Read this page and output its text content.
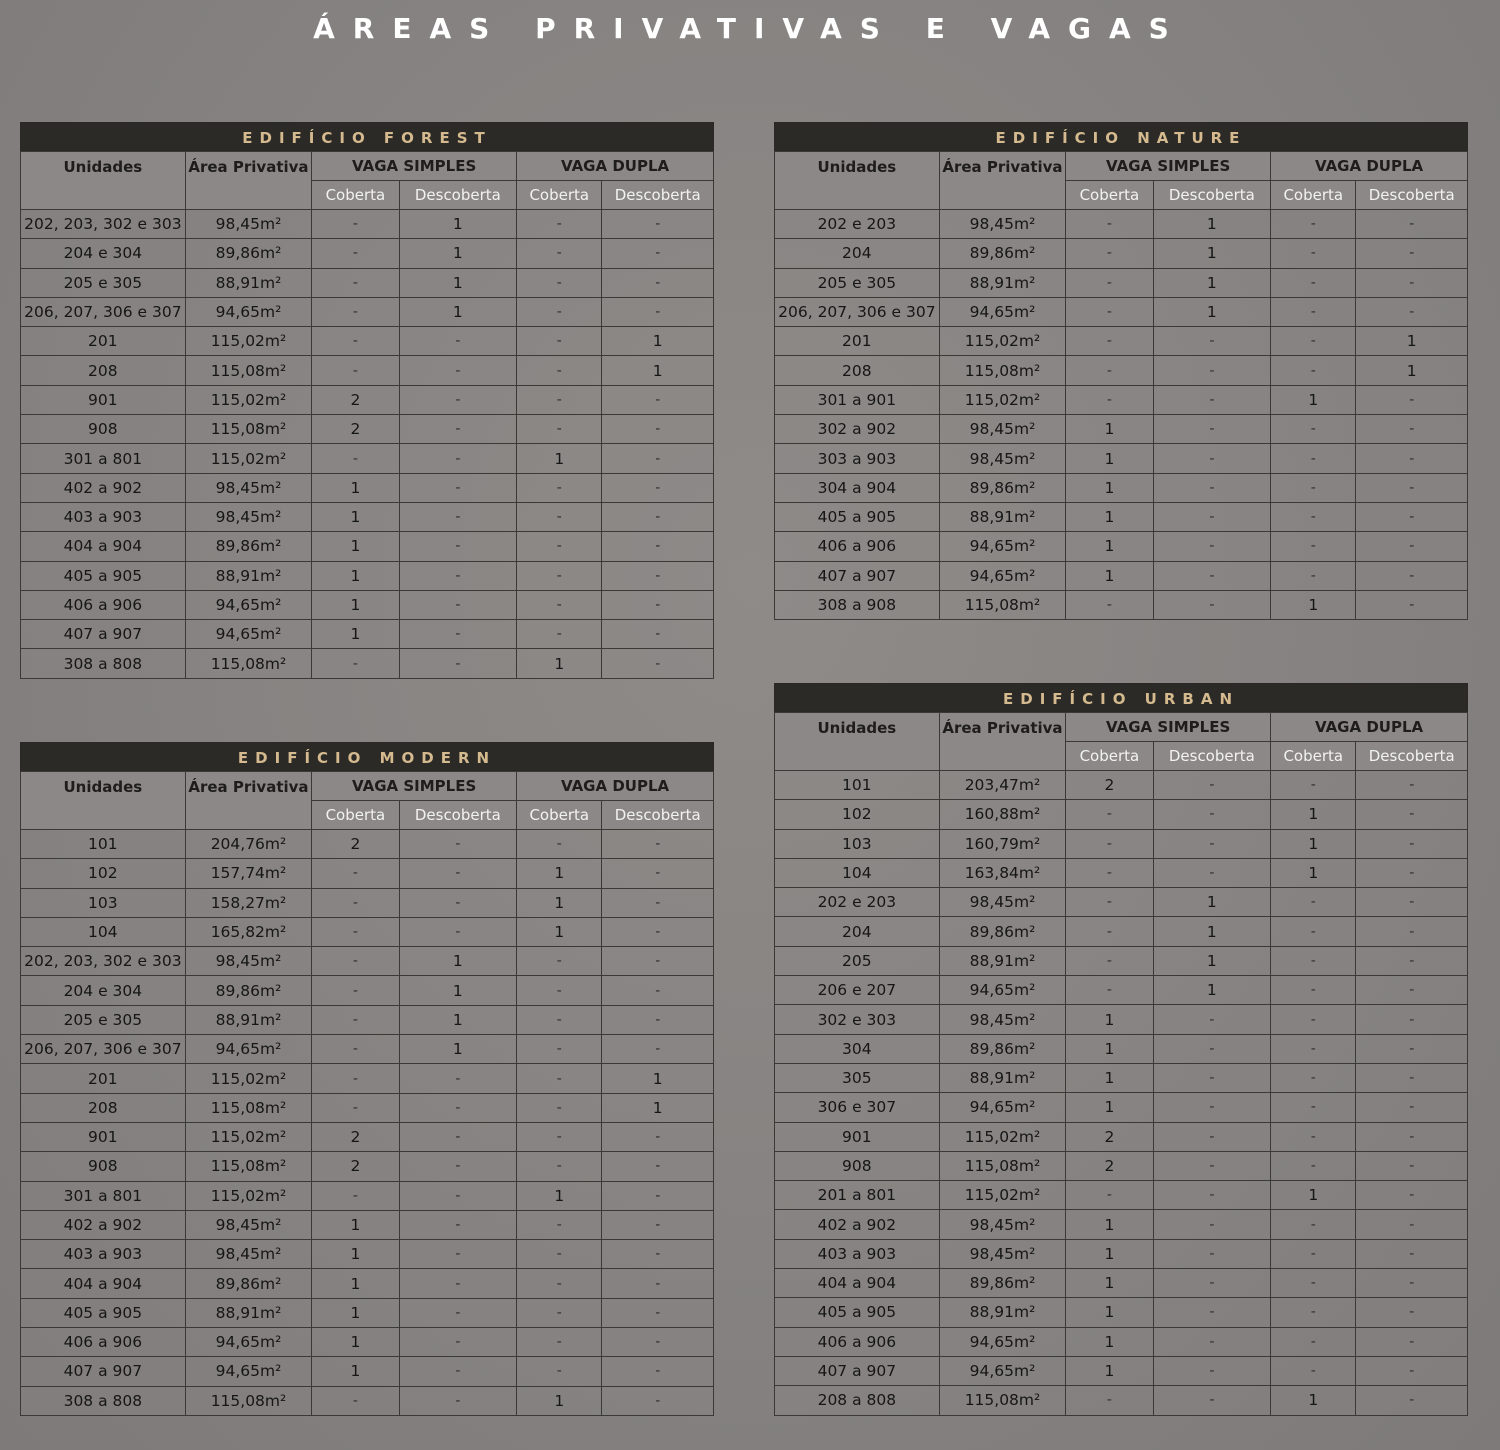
ÁREAS PRIVATIVAS E VAGAS
EDIFÍCIO FOREST
Unidades	Área Privativa	VAGA SIMPLES		VAGA DUPLA	
		Coberta	Descoberta	Coberta	Descoberta
202, 203, 302 e 303	98,45m²	-	1	-	-
204 e 304	89,86m²	-	1	-	-
205 e 305	88,91m²	-	1	-	-
206, 207, 306 e 307	94,65m²	-	1	-	-
201	115,02m²	-	-	-	1
208	115,08m²	-	-	-	1
901	115,02m²	2	-	-	-
908	115,08m²	2	-	-	-
301 a 801	115,02m²	-	-	1	-
402 a 902	98,45m²	1	-	-	-
403 a 903	98,45m²	1	-	-	-
404 a 904	89,86m²	1	-	-	-
405 a 905	88,91m²	1	-	-	-
406 a 906	94,65m²	1	-	-	-
407 a 907	94,65m²	1	-	-	-
308 a 808	115,08m²	-	-	1	-
EDIFÍCIO NATURE
Unidades	Área Privativa	VAGA SIMPLES		VAGA DUPLA	
		Coberta	Descoberta	Coberta	Descoberta
202 e 203	98,45m²	-	1	-	-
204	89,86m²	-	1	-	-
205 e 305	88,91m²	-	1	-	-
206, 207, 306 e 307	94,65m²	-	1	-	-
201	115,02m²	-	-	-	1
208	115,08m²	-	-	-	1
301 a 901	115,02m²	-	-	1	-
302 a 902	98,45m²	1	-	-	-
303 a 903	98,45m²	1	-	-	-
304 a 904	89,86m²	1	-	-	-
405 a 905	88,91m²	1	-	-	-
406 a 906	94,65m²	1	-	-	-
407 a 907	94,65m²	1	-	-	-
308 a 908	115,08m²	-	-	1	-
EDIFÍCIO MODERN
Unidades	Área Privativa	VAGA SIMPLES		VAGA DUPLA	
		Coberta	Descoberta	Coberta	Descoberta
101	204,76m²	2	-	-	-
102	157,74m²	-	-	1	-
103	158,27m²	-	-	1	-
104	165,82m²	-	-	1	-
202, 203, 302 e 303	98,45m²	-	1	-	-
204 e 304	89,86m²	-	1	-	-
205 e 305	88,91m²	-	1	-	-
206, 207, 306 e 307	94,65m²	-	1	-	-
201	115,02m²	-	-	-	1
208	115,08m²	-	-	-	1
901	115,02m²	2	-	-	-
908	115,08m²	2	-	-	-
301 a 801	115,02m²	-	-	1	-
402 a 902	98,45m²	1	-	-	-
403 a 903	98,45m²	1	-	-	-
404 a 904	89,86m²	1	-	-	-
405 a 905	88,91m²	1	-	-	-
406 a 906	94,65m²	1	-	-	-
407 a 907	94,65m²	1	-	-	-
308 a 808	115,08m²	-	-	1	-
EDIFÍCIO URBAN
Unidades	Área Privativa	VAGA SIMPLES		VAGA DUPLA	
		Coberta	Descoberta	Coberta	Descoberta
101	203,47m²	2	-	-	-
102	160,88m²	-	-	1	-
103	160,79m²	-	-	1	-
104	163,84m²	-	-	1	-
202 e 203	98,45m²	-	1	-	-
204	89,86m²	-	1	-	-
205	88,91m²	-	1	-	-
206 e 207	94,65m²	-	1	-	-
302 e 303	98,45m²	1	-	-	-
304	89,86m²	1	-	-	-
305	88,91m²	1	-	-	-
306 e 307	94,65m²	1	-	-	-
901	115,02m²	2	-	-	-
908	115,08m²	2	-	-	-
201 a 801	115,02m²	-	-	1	-
402 a 902	98,45m²	1	-	-	-
403 a 903	98,45m²	1	-	-	-
404 a 904	89,86m²	1	-	-	-
405 a 905	88,91m²	1	-	-	-
406 a 906	94,65m²	1	-	-	-
407 a 907	94,65m²	1	-	-	-
208 a 808	115,08m²	-	-	1	-
